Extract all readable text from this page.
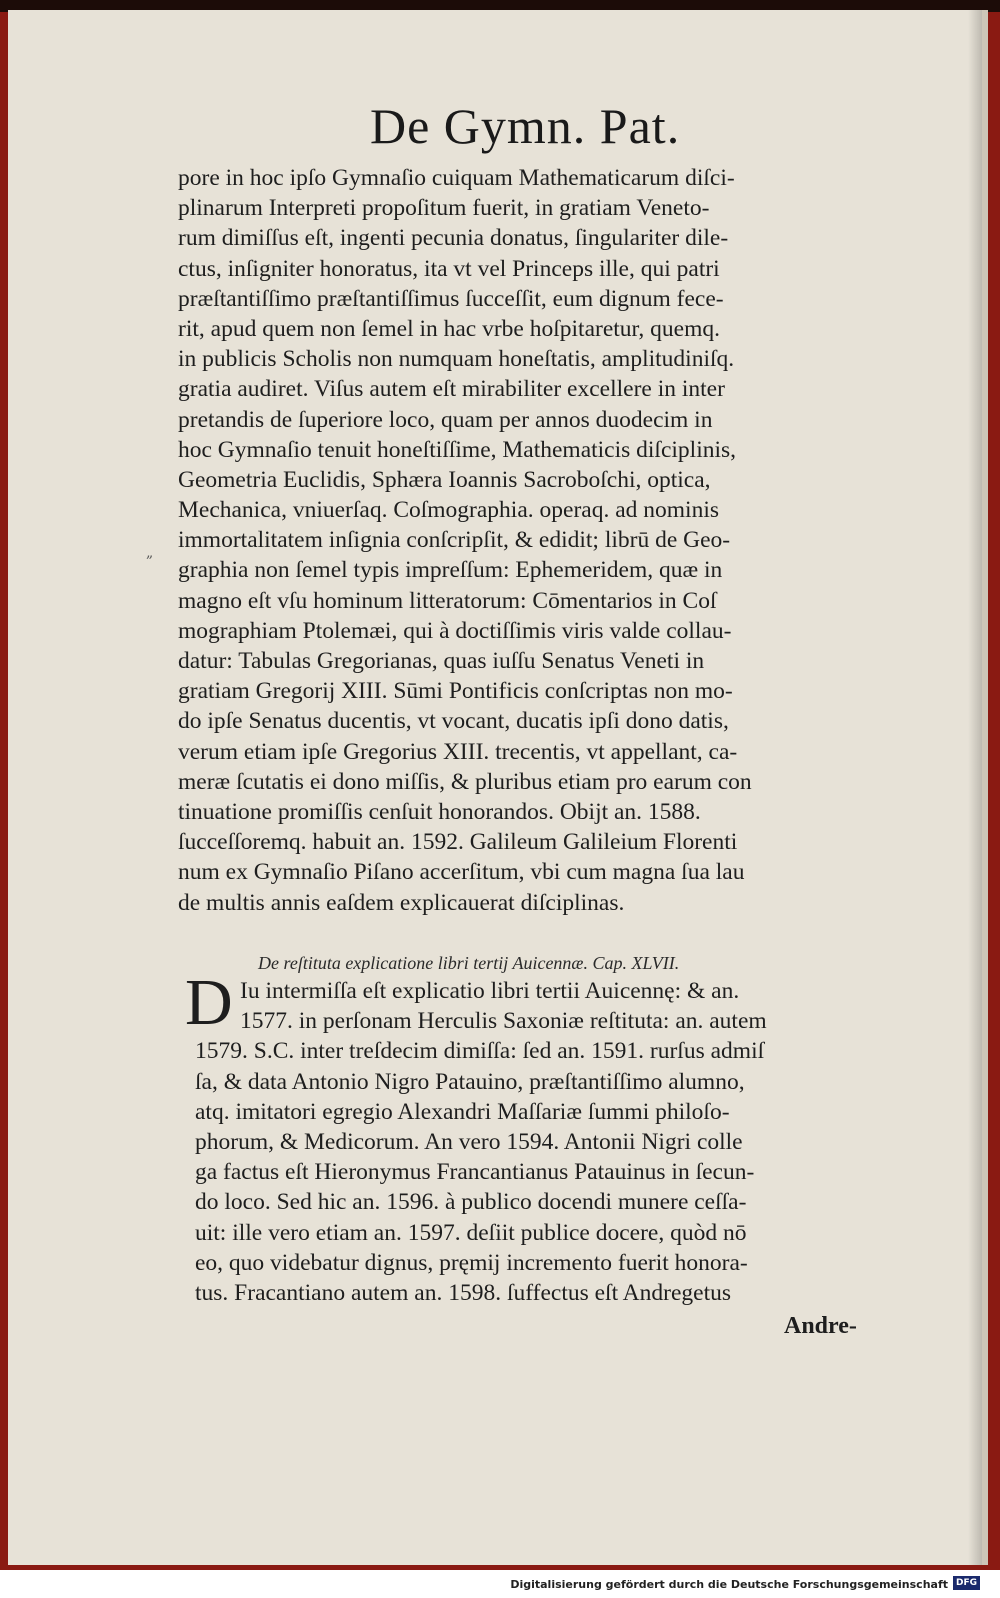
De Gymn. Pat.
„
pore in hoc ipſo Gymnaſio cuiquam Mathematicarum diſci-
plinarum Interpreti propoſitum fuerit, in gratiam Veneto-
rum dimiſſus eſt, ingenti pecunia donatus, ſingulariter dile-
ctus, inſigniter honoratus, ita vt vel Princeps ille, qui patri
præſtantiſſimo præſtantiſſimus ſucceſſit, eum dignum fece-
rit, apud quem non ſemel in hac vrbe hoſpitaretur, quemq.
in publicis Scholis non numquam honeſtatis, amplitudiniſq.
gratia audiret. Viſus autem eſt mirabiliter excellere in inter
pretandis de ſuperiore loco, quam per annos duodecim in
hoc Gymnaſio tenuit honeſtiſſime, Mathematicis diſciplinis,
Geometria Euclidis, Sphæra Ioannis Sacroboſchi, optica,
Mechanica, vniuerſaq. Coſmographia. operaq. ad nominis
immortalitatem inſignia conſcripſit, & edidit; librū de Geo-
graphia non ſemel typis impreſſum: Ephemeridem, quæ in
magno eſt vſu hominum litteratorum: Cōmentarios in Coſ
mographiam Ptolemæi, qui à doctiſſimis viris valde collau-
datur: Tabulas Gregorianas, quas iuſſu Senatus Veneti in
gratiam Gregorij XIII. Sūmi Pontificis conſcriptas non mo-
do ipſe Senatus ducentis, vt vocant, ducatis ipſi dono datis,
verum etiam ipſe Gregorius XIII. trecentis, vt appellant, ca-
meræ ſcutatis ei dono miſſis, & pluribus etiam pro earum con
tinuatione promiſſis cenſuit honorandos. Obijt an. 1588.
ſucceſſoremq. habuit an. 1592. Galileum Galileium Florenti
num ex Gymnaſio Piſano accerſitum, vbi cum magna ſua lau
de multis annis eaſdem explicauerat diſciplinas.
De reſtituta explicatione libri tertij Auicennæ. Cap. XLVII.
D Iu intermiſſa eſt explicatio libri tertii Auicennę: & an.
1577. in perſonam Herculis Saxoniæ reſtituta: an. autem
1579. S.C. inter treſdecim dimiſſa: ſed an. 1591. rurſus admiſ
ſa, & data Antonio Nigro Patauino, præſtantiſſimo alumno,
atq. imitatori egregio Alexandri Maſſariæ ſummi philoſo-
phorum, & Medicorum. An vero 1594. Antonii Nigri colle
ga factus eſt Hieronymus Francantianus Patauinus in ſecun-
do loco. Sed hic an. 1596. à publico docendi munere ceſſa-
uit: ille vero etiam an. 1597. deſiit publice docere, quòd nō
eo, quo videbatur dignus, pręmij incremento fuerit honora-
tus. Fracantiano autem an. 1598. ſuffectus eſt Andregetus
Andre-
Digitalisierung gefördert durch die Deutsche Forschungsgemeinschaft DFG
